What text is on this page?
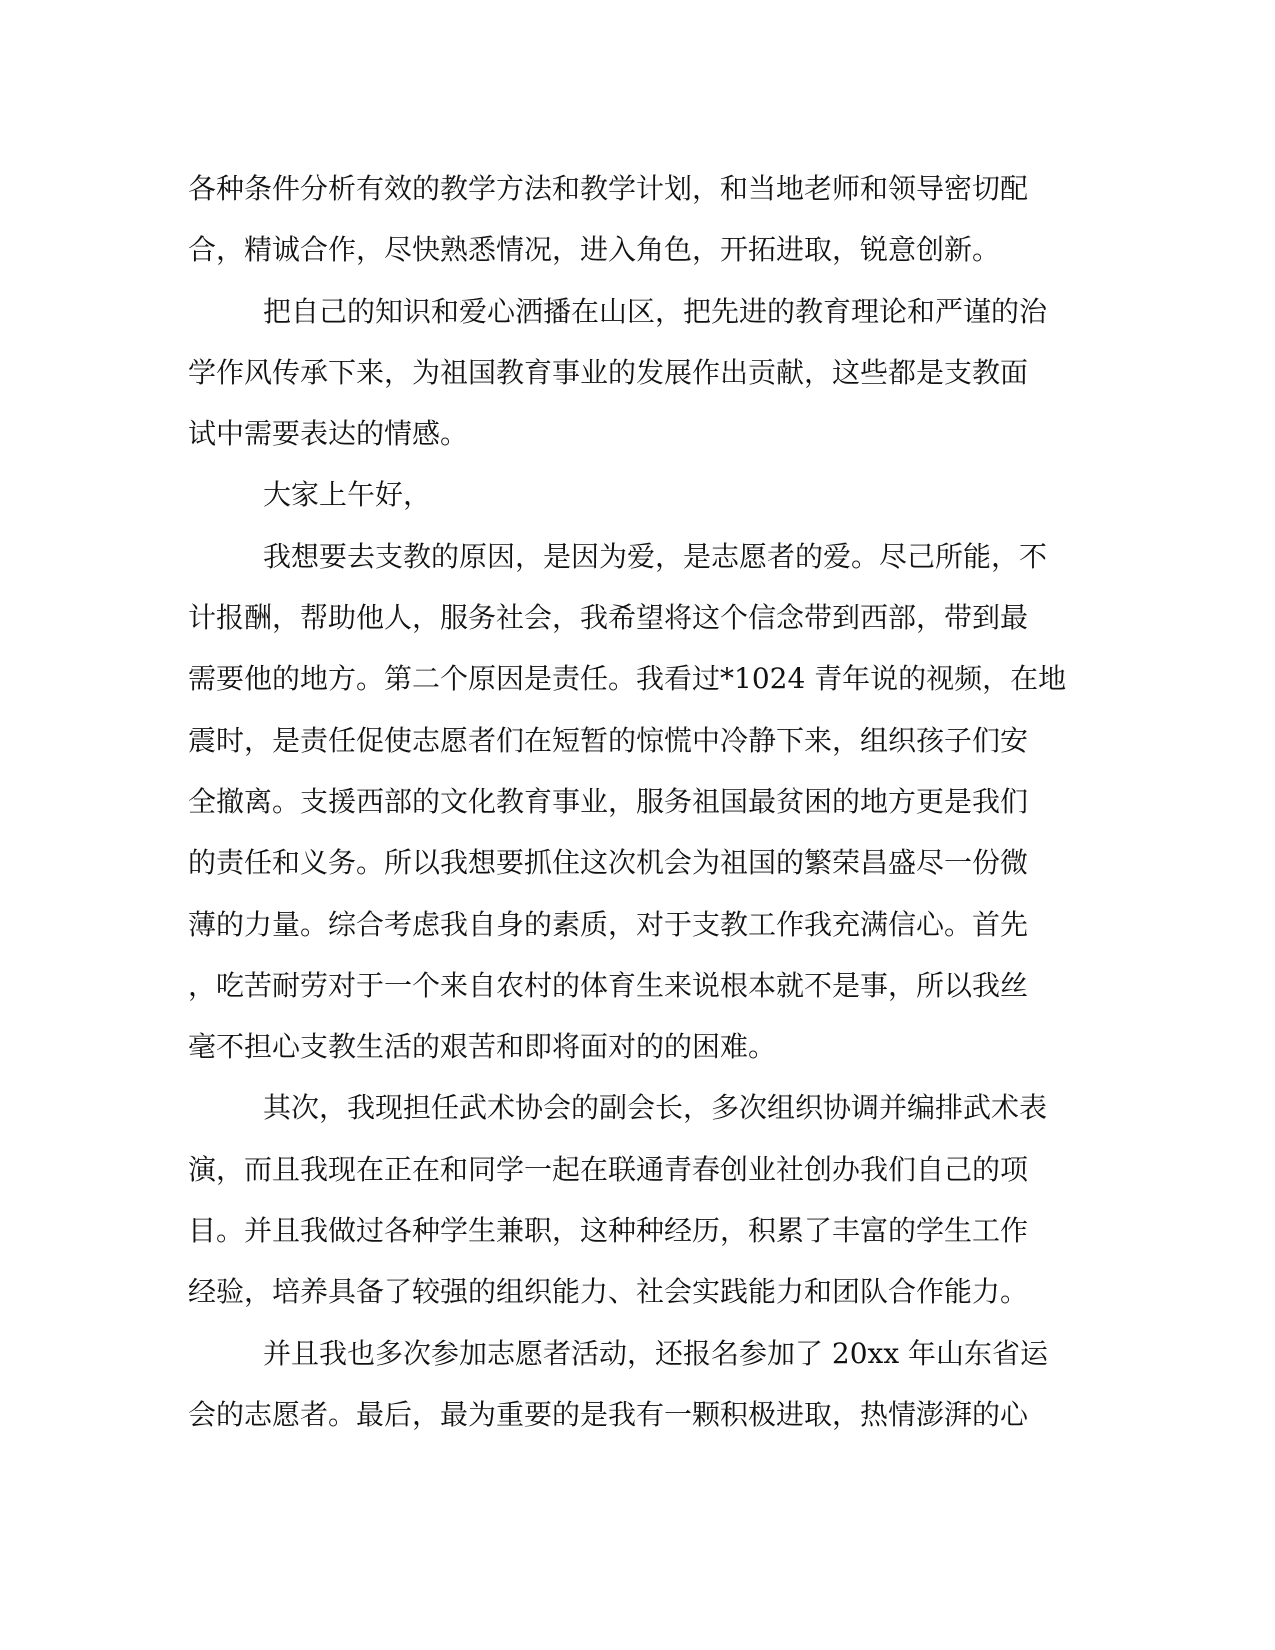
各种条件分析有效的教学方法和教学计划，和当地老师和领导密切配
合，精诚合作，尽快熟悉情况，进入角色，开拓进取，锐意创新。

把自己的知识和爱心洒播在山区，把先进的教育理论和严谨的治
学作风传承下来，为祖国教育事业的发展作出贡献，这些都是支教面
试中需要表达的情感。

大家上午好，

我想要去支教的原因，是因为爱，是志愿者的爱。尽己所能，不
计报酬，帮助他人，服务社会，我希望将这个信念带到西部，带到最
需要他的地方。第二个原因是责任。我看过*1024 青年说的视频，在地
震时，是责任促使志愿者们在短暂的惊慌中冷静下来，组织孩子们安
全撤离。支援西部的文化教育事业，服务祖国最贫困的地方更是我们
的责任和义务。所以我想要抓住这次机会为祖国的繁荣昌盛尽一份微
薄的力量。综合考虑我自身的素质，对于支教工作我充满信心。首先
，吃苦耐劳对于一个来自农村的体育生来说根本就不是事，所以我丝
毫不担心支教生活的艰苦和即将面对的的困难。

其次，我现担任武术协会的副会长，多次组织协调并编排武术表
演，而且我现在正在和同学一起在联通青春创业社创办我们自己的项
目。并且我做过各种学生兼职，这种种经历，积累了丰富的学生工作
经验，培养具备了较强的组织能力、社会实践能力和团队合作能力。

并且我也多次参加志愿者活动，还报名参加了 20xx 年山东省运
会的志愿者。最后，最为重要的是我有一颗积极进取，热情澎湃的心
